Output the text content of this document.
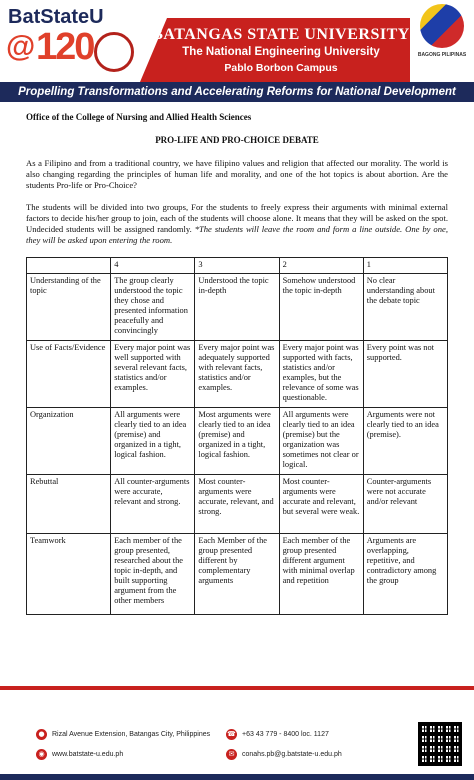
BatStateU
@ 120	BATANGAS STATE UNIVERSITY
The National Engineering University
Pablo Borbon Campus
BAGONG PILIPINAS
Propelling Transformations and Accelerating Reforms for National Development

Office of the College of Nursing and Allied Health Sciences

PRO-LIFE AND PRO-CHOICE DEBATE

As a Filipino and from a traditional country, we have filipino values and religion that affected our morality. The world is also changing regarding the principles of human life and morality, and one of the hot topics is about abortion. Are the students Pro-life or Pro-Choice?

The students will be divided into two groups, For the students to freely express their arguments with minimal external factors to decide his/her group to join, each of the students will choose alone. It means that they will be asked on the spot. Undecided students will be assigned randomly. *The students will leave the room and form a line outside. One by one, they will be asked upon entering the room.

	4	3	2	1
Understanding of the topic	The group clearly understood the topic they chose and presented information peacefully and convincingly	Understood the topic in-depth	Somehow understood the topic in-depth	No clear understanding about the debate topic
Use of Facts/Evidence	Every major point was well supported with several relevant facts, statistics and/or examples.	Every major point was adequately supported with relevant facts, statistics and/or examples.	Every major point was supported with facts, statistics and/or examples, but the relevance of some was questionable.	Every point was not supported.
Organization	All arguments were clearly tied to an idea (premise) and organized in a tight, logical fashion.	Most arguments were clearly tied to an idea (premise) and organized in a tight, logical fashion.	All arguments were clearly tied to an idea (premise) but the organization was sometimes not clear or logical.	Arguments were not clearly tied to an idea (premise).
Rebuttal	All counter-arguments were accurate, relevant and strong.	Most counter-arguments were accurate, relevant, and strong.	Most counter-arguments were accurate and relevant, but several were weak.	Counter-arguments were not accurate and/or relevant
Teamwork	Each member of the group presented, researched about the topic in-depth, and built supporting argument from the other members	Each Member of the group presented different by complementary arguments	Each member of the group presented different argument with minimal overlap and repetition	Arguments are overlapping, repetitive, and contradictory among the group
●	Rizal Avenue Extension, Batangas City, Philippines ☎ +63 43 779 - 8400 loc. 1127
◉	www.batstate-u.edu.ph	✉	conahs.pb@g.batstate-u.edu.ph
